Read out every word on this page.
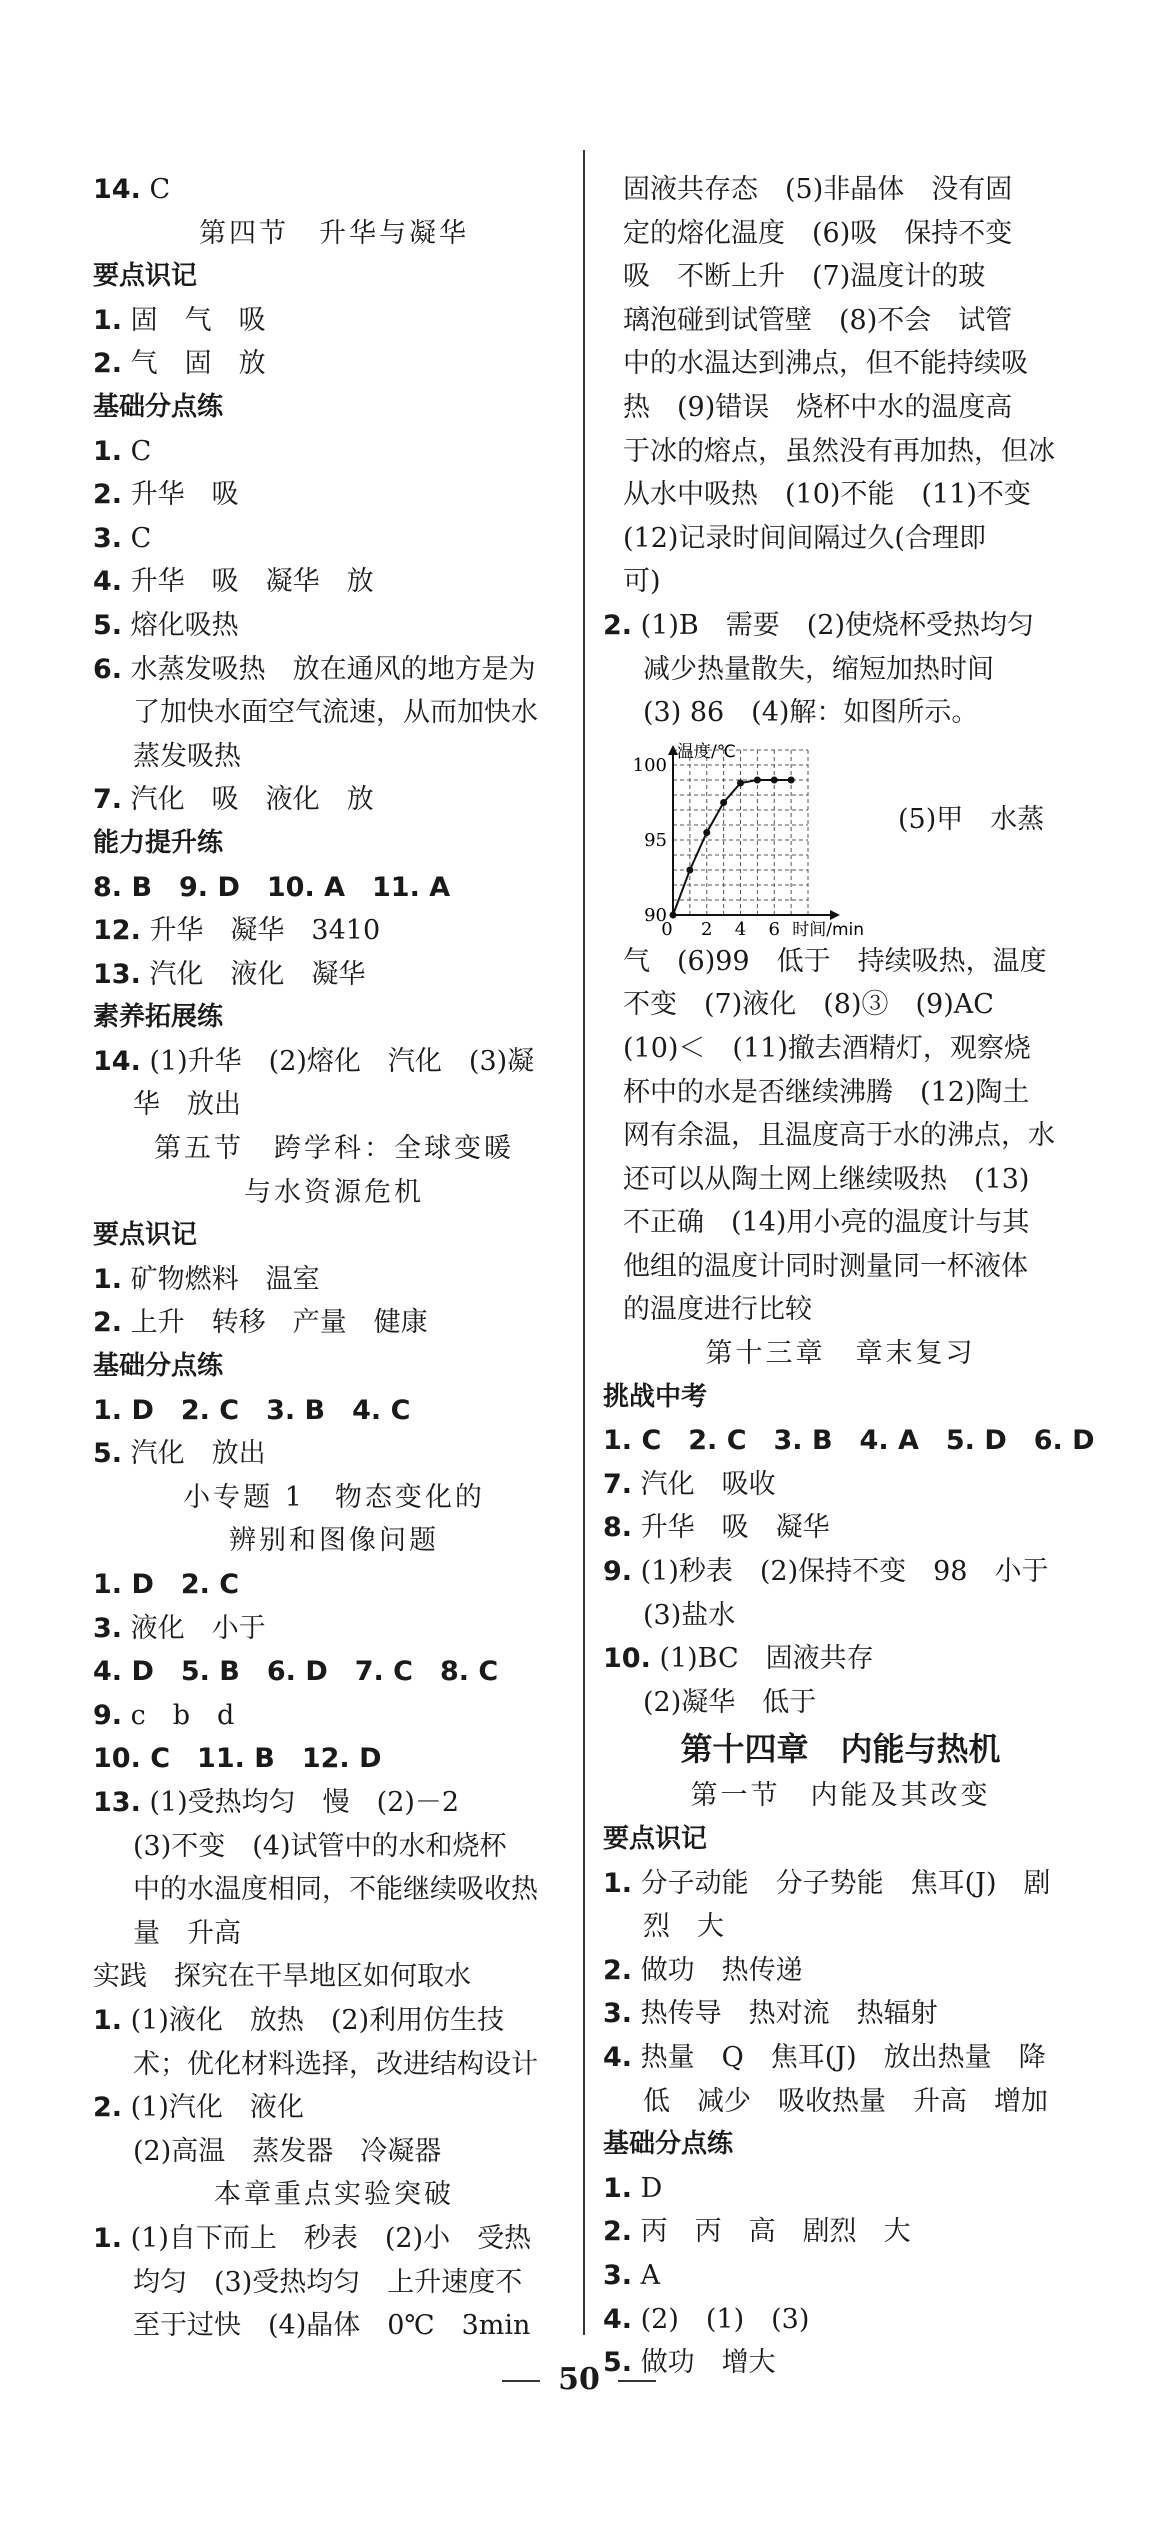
14. C
第四节　升华与凝华
要点识记
1. 固　气　吸
2. 气　固　放
基础分点练
1. C
2. 升华　吸
3. C
4. 升华　吸　凝华　放
5. 熔化吸热
6. 水蒸发吸热　放在通风的地方是为
了加快水面空气流速，从而加快水
蒸发吸热
7. 汽化　吸　液化　放
能力提升练
8. B　9. D　10. A　11. A
12. 升华　凝华　3410
13. 汽化　液化　凝华
素养拓展练
14. (1)升华　(2)熔化　汽化　(3)凝
华　放出
第五节　跨学科：全球变暖
与水资源危机
要点识记
1. 矿物燃料　温室
2. 上升　转移　产量　健康
基础分点练
1. D　2. C　3. B　4. C
5. 汽化　放出
小专题 1　物态变化的
辨别和图像问题
1. D　2. C
3. 液化　小于
4. D　5. B　6. D　7. C　8. C
9. c　b　d
10. C　11. B　12. D
13. (1)受热均匀　慢　(2)－2
(3)不变　(4)试管中的水和烧杯
中的水温度相同，不能继续吸收热
量　升高
实践　探究在干旱地区如何取水
1. (1)液化　放热　(2)利用仿生技
术；优化材料选择，改进结构设计
2. (1)汽化　液化
(2)高温　蒸发器　冷凝器
本章重点实验突破
1. (1)自下而上　秒表　(2)小　受热
均匀　(3)受热均匀　上升速度不
至于过快　(4)晶体　0℃　3min
固液共存态　(5)非晶体　没有固
定的熔化温度　(6)吸　保持不变
吸　不断上升　(7)温度计的玻
璃泡碰到试管壁　(8)不会　试管
中的水温达到沸点，但不能持续吸
热　(9)错误　烧杯中水的温度高
于冰的熔点，虽然没有再加热，但冰
从水中吸热　(10)不能　(11)不变
(12)记录时间间隔过久(合理即
可)
2. (1)B　需要　(2)使烧杯受热均匀
减少热量散失，缩短加热时间
(3) 86　(4)解：如图所示。
温度/℃
时间/min
90
95
100
0 2 4 6
(5)甲　水蒸
气　(6)99　低于　持续吸热，温度
不变　(7)液化　(8)③　(9)AC
(10)＜　(11)撤去酒精灯，观察烧
杯中的水是否继续沸腾　(12)陶土
网有余温，且温度高于水的沸点，水
还可以从陶土网上继续吸热　(13)
不正确　(14)用小亮的温度计与其
他组的温度计同时测量同一杯液体
的温度进行比较
第十三章　章末复习
挑战中考
1. C　2. C　3. B　4. A　5. D　6. D
7. 汽化　吸收
8. 升华　吸　凝华
9. (1)秒表　(2)保持不变　98　小于
(3)盐水
10. (1)BC　固液共存
(2)凝华　低于
第十四章　内能与热机
第一节　内能及其改变
要点识记
1. 分子动能　分子势能　焦耳(J)　剧
烈　大
2. 做功　热传递
3. 热传导　热对流　热辐射
4. 热量　Q　焦耳(J)　放出热量　降
低　减少　吸收热量　升高　增加
基础分点练
1. D
2. 丙　丙　高　剧烈　大
3. A
4. (2)　(1)　(3)
5. 做功　增大
50
